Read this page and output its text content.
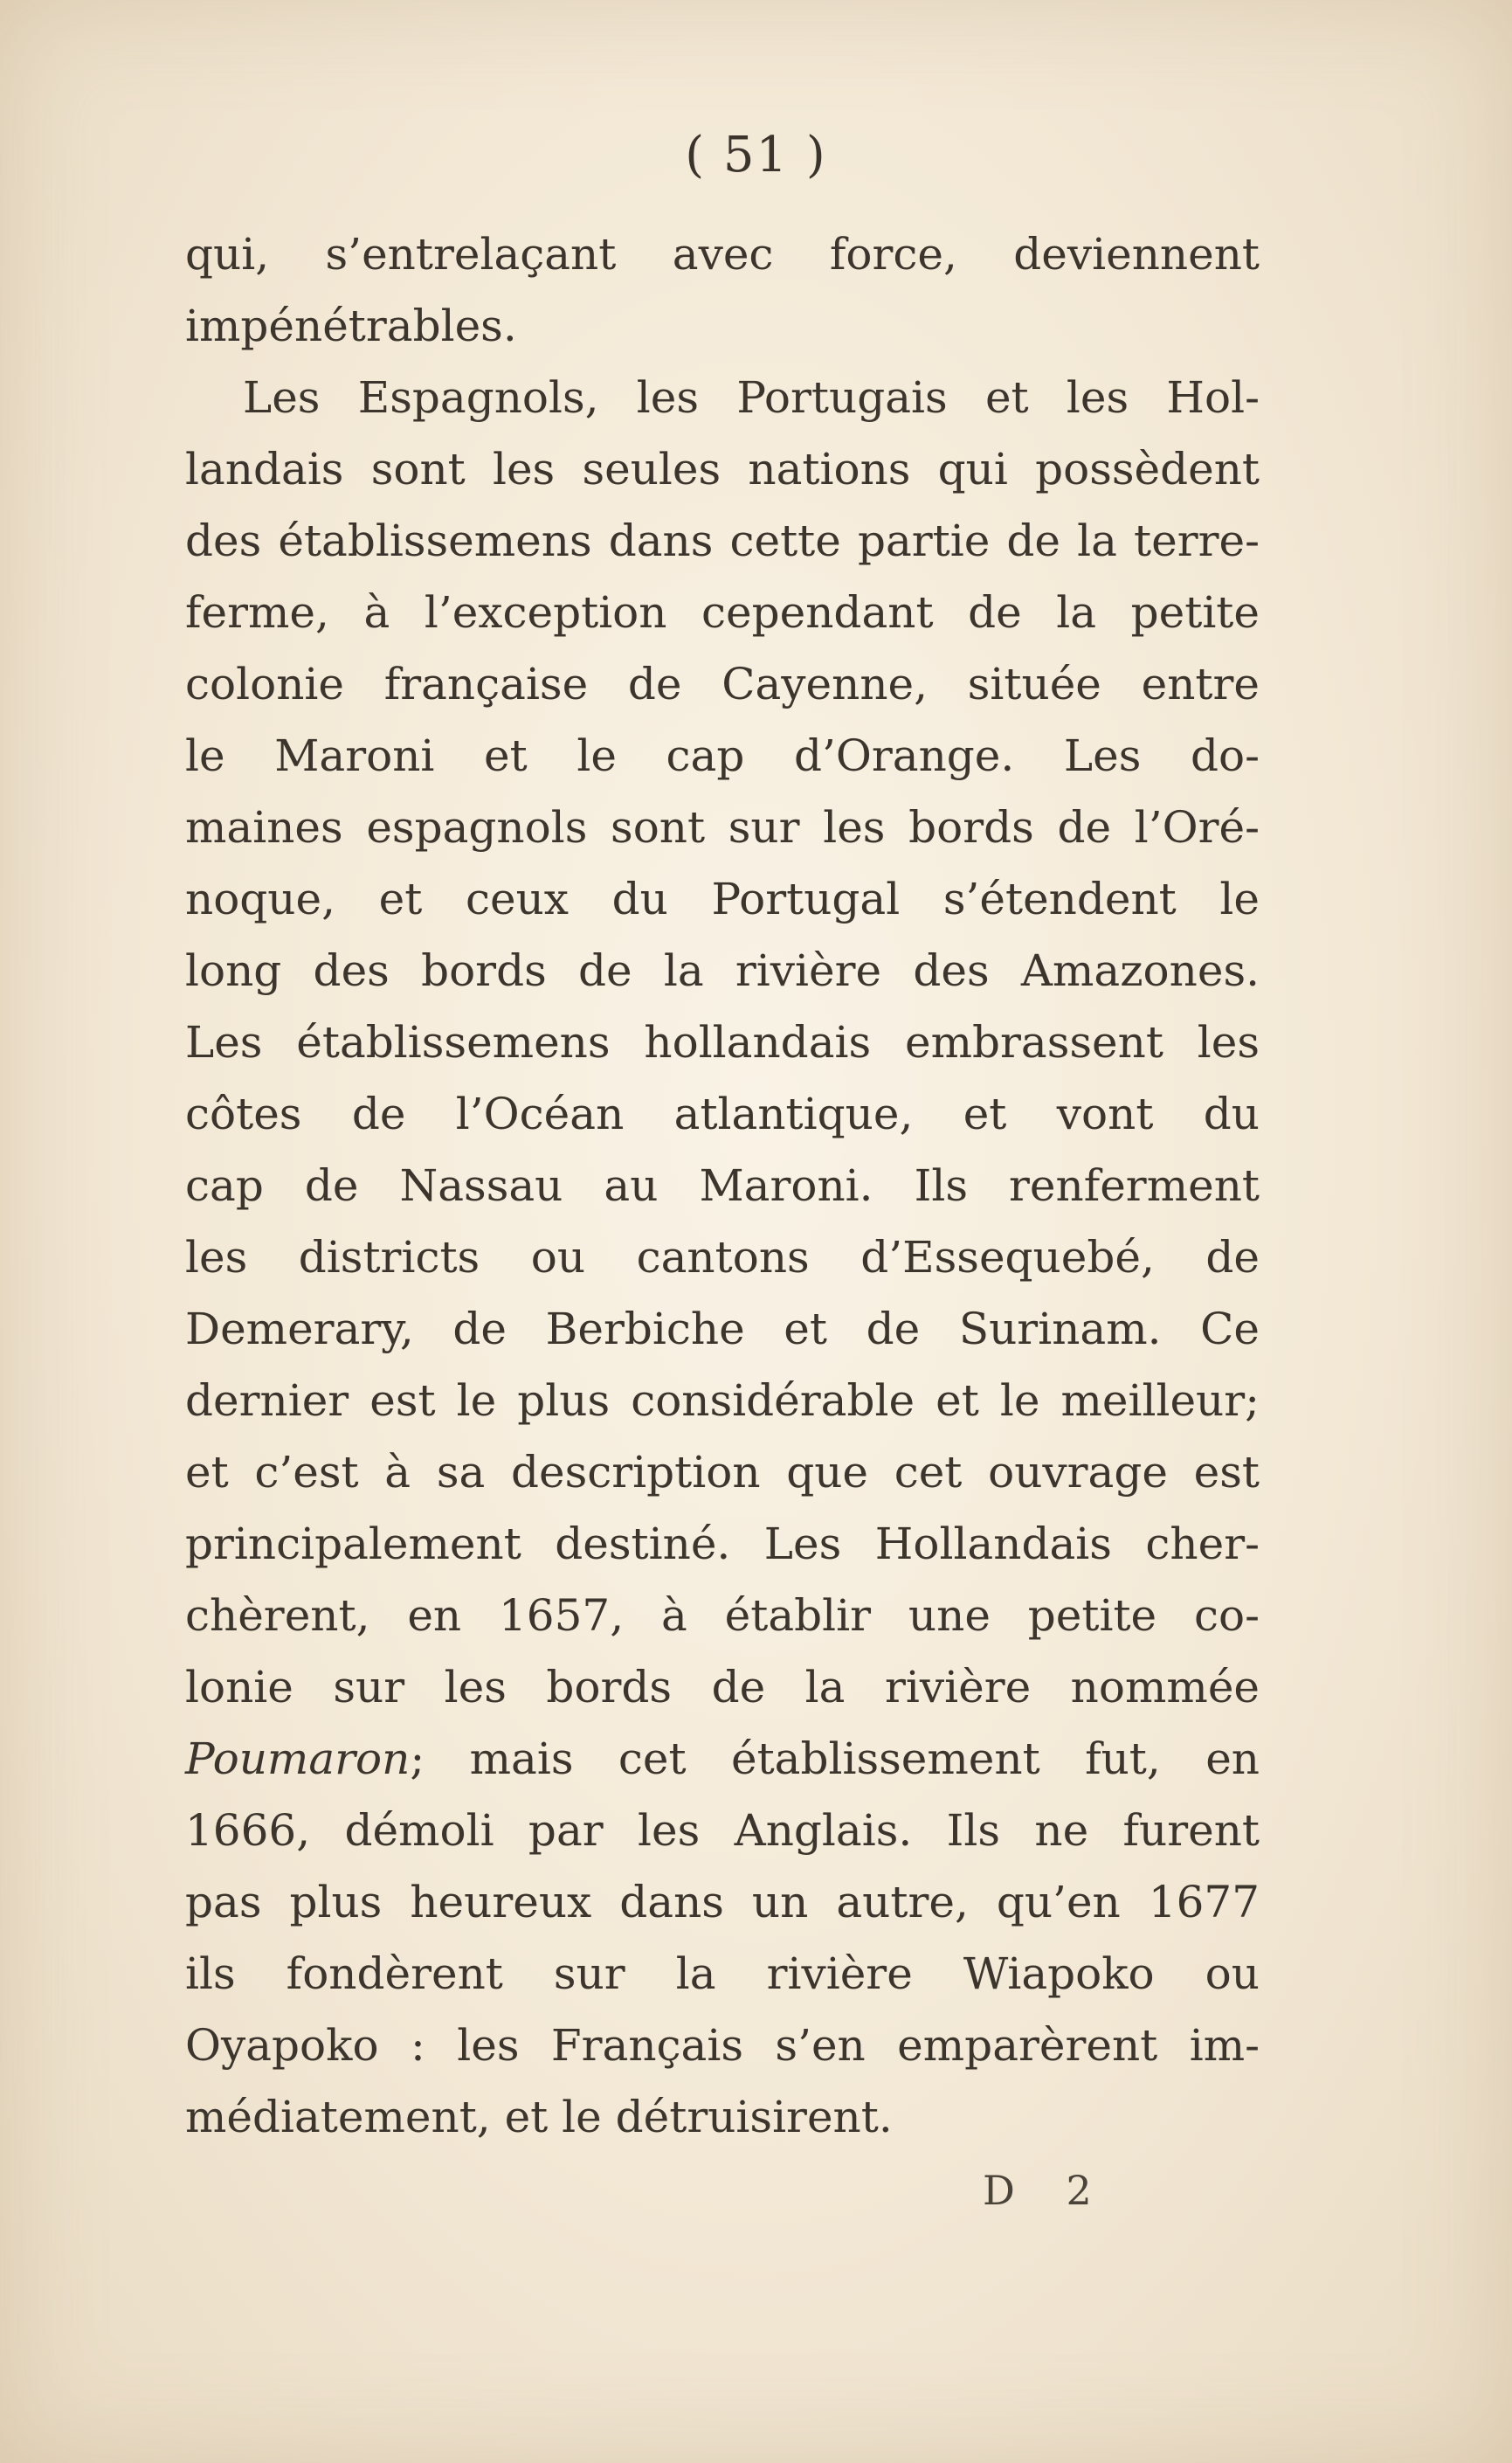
( 51 )
qui, s’entrelaçant avec force, deviennent
impénétrables.
Les Espagnols, les Portugais et les Hol-
landais sont les seules nations qui possèdent
des établissemens dans cette partie de la terre-
ferme, à l’exception cependant de la petite
colonie française de Cayenne, située entre
le Maroni et le cap d’Orange. Les do-
maines espagnols sont sur les bords de l’Oré-
noque, et ceux du Portugal s’étendent le
long des bords de la rivière des Amazones.
Les établissemens hollandais embrassent les
côtes de l’Océan atlantique, et vont du
cap de Nassau au Maroni. Ils renferment
les districts ou cantons d’Essequebé, de
Demerary, de Berbiche et de Surinam. Ce
dernier est le plus considérable et le meilleur;
et c’est à sa description que cet ouvrage est
principalement destiné. Les Hollandais cher-
chèrent, en 1657, à établir une petite co-
lonie sur les bords de la rivière nommée
Poumaron; mais cet établissement fut, en
1666, démoli par les Anglais. Ils ne furent
pas plus heureux dans un autre, qu’en 1677
ils fondèrent sur la rivière Wiapoko ou
Oyapoko : les Français s’en emparèrent im-
médiatement, et le détruisirent.
D 2
